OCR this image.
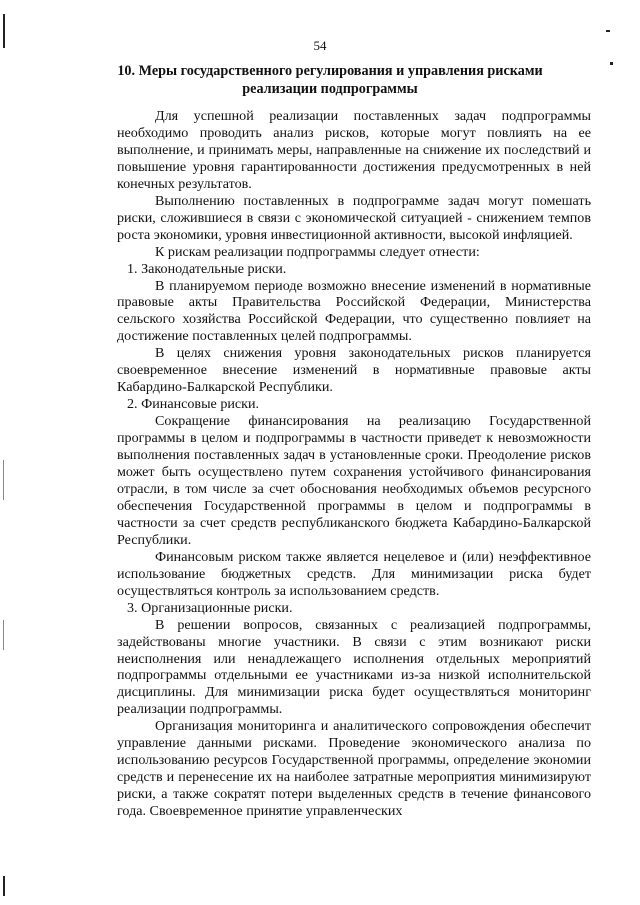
54
10. Меры государственного регулирования и управления рисками реализации подпрограммы

Для успешной реализации поставленных задач подпрограммы необходимо проводить анализ рисков, которые могут повлиять на ее выполнение, и принимать меры, направленные на снижение их последствий и повышение уровня гарантированности достижения предусмотренных в ней конечных результатов.

Выполнению поставленных в подпрограмме задач могут помешать риски, сложившиеся в связи с экономической ситуацией - снижением темпов роста экономики, уровня инвестиционной активности, высокой инфляцией.

К рискам реализации подпрограммы следует отнести:

1. Законодательные риски.

В планируемом периоде возможно внесение изменений в нормативные правовые акты Правительства Российской Федерации, Министерства сельского хозяйства Российской Федерации, что существенно повлияет на достижение поставленных целей подпрограммы.

В целях снижения уровня законодательных рисков планируется своевременное внесение изменений в нормативные правовые акты Кабардино-Балкарской Республики.

2. Финансовые риски.

Сокращение финансирования на реализацию Государственной программы в целом и подпрограммы в частности приведет к невозможности выполнения поставленных задач в установленные сроки. Преодоление рисков может быть осуществлено путем сохранения устойчивого финансирования отрасли, в том числе за счет обоснования необходимых объемов ресурсного обеспечения Государственной программы в целом и подпрограммы в частности за счет средств республиканского бюджета Кабардино-Балкарской Республики.

Финансовым риском также является нецелевое и (или) неэффективное использование бюджетных средств. Для минимизации риска будет осуществляться контроль за использованием средств.

3. Организационные риски.

В решении вопросов, связанных с реализацией подпрограммы, задействованы многие участники. В связи с этим возникают риски неисполнения или ненадлежащего исполнения отдельных мероприятий подпрограммы отдельными ее участниками из-за низкой исполнительской дисциплины. Для минимизации риска будет осуществляться мониторинг реализации подпрограммы.

Организация мониторинга и аналитического сопровождения обеспечит управление данными рисками. Проведение экономического анализа по использованию ресурсов Государственной программы, определение экономии средств и перенесение их на наиболее затратные мероприятия минимизируют риски, а также сократят потери выделенных средств в течение финансового года. Своевременное принятие управленческих
